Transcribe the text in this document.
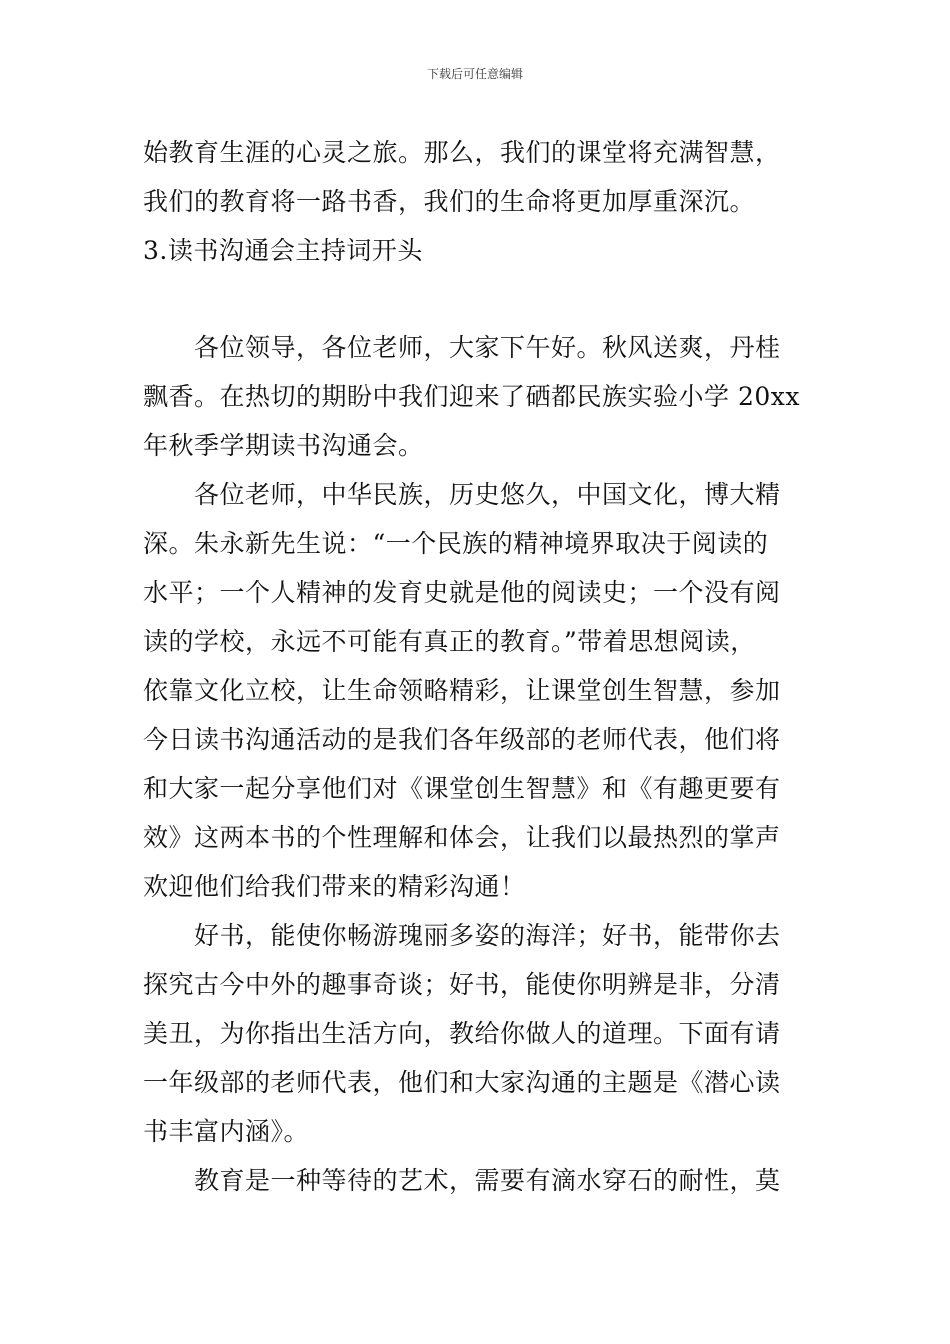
下载后可任意编辑
始教育生涯的心灵之旅。那么，我们的课堂将充满智慧，
我们的教育将一路书香，我们的生命将更加厚重深沉。
3.读书沟通会主持词开头
各位领导，各位老师，大家下午好。秋风送爽，丹桂
飘香。在热切的期盼中我们迎来了硒都民族实验小学 20xx
年秋季学期读书沟通会。
各位老师，中华民族，历史悠久，中国文化，博大精
深。朱永新先生说：“一个民族的精神境界取决于阅读的
水平；一个人精神的发育史就是他的阅读史；一个没有阅
读的学校，永远不可能有真正的教育。”带着思想阅读，
依靠文化立校，让生命领略精彩，让课堂创生智慧，参加
今日读书沟通活动的是我们各年级部的老师代表，他们将
和大家一起分享他们对《课堂创生智慧》和《有趣更要有
效》这两本书的个性理解和体会，让我们以最热烈的掌声
欢迎他们给我们带来的精彩沟通！
好书，能使你畅游瑰丽多姿的海洋；好书，能带你去
探究古今中外的趣事奇谈；好书，能使你明辨是非，分清
美丑，为你指出生活方向，教给你做人的道理。下面有请
一年级部的老师代表，他们和大家沟通的主题是《潜心读
书丰富内涵》。
教育是一种等待的艺术，需要有滴水穿石的耐性，莫
